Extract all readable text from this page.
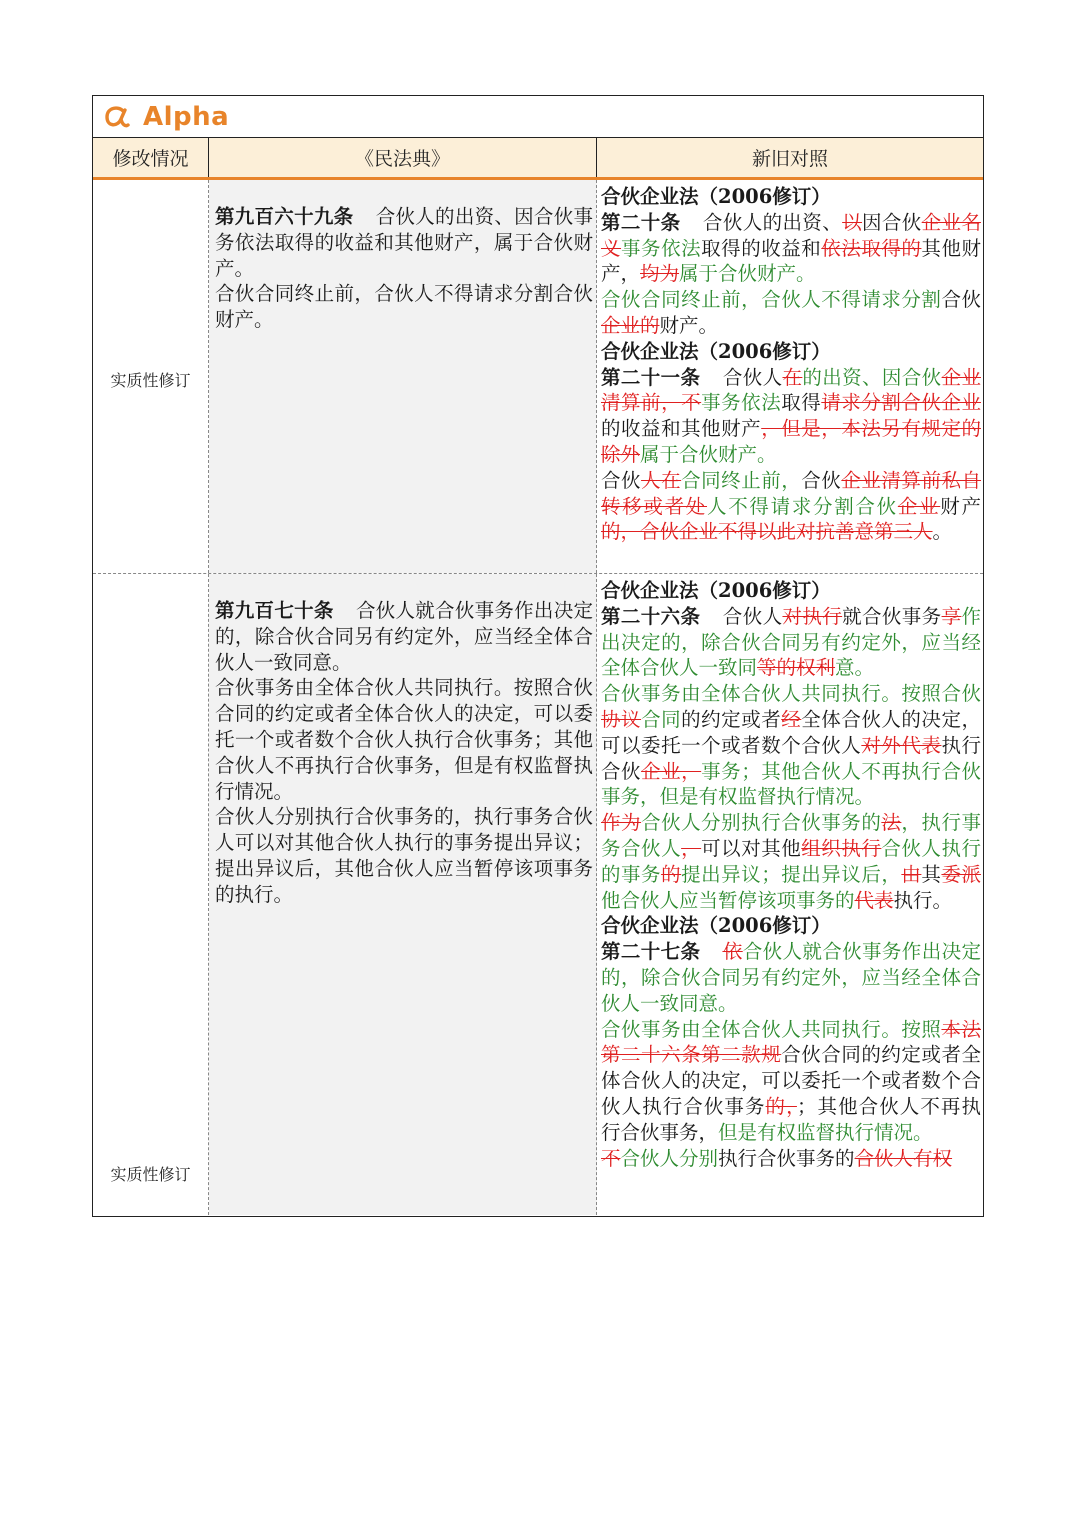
Alpha
修改情况	《民法典》	新旧对照
实质性修订

第九百六十九条 合伙人的出资、因合伙事务依法取得的收益和其他财产，属于合伙财产。

合伙合同终止前，合伙人不得请求分割合伙财产。

合伙企业法（2006修订）

第二十条 合伙人的出资、以因合伙企业名义事务依法取得的收益和依法取得的其他财产，均为属于合伙财产。

合伙合同终止前，合伙人不得请求分割合伙企业的财产。

合伙企业法（2006修订）

第二十一条 合伙人在的出资、因合伙企业清算前，不事务依法取得请求分割合伙企业的收益和其他财产，但是，本法另有规定的除外属于合伙财产。

合伙人在合同终止前，合伙企业清算前私自转移或者处人不得请求分割合伙企业财产的，合伙企业不得以此对抗善意第三人。

实质性修订

第九百七十条 合伙人就合伙事务作出决定的，除合伙合同另有约定外，应当经全体合伙人一致同意。

合伙事务由全体合伙人共同执行。按照合伙合同的约定或者全体合伙人的决定，可以委托一个或者数个合伙人执行合伙事务；其他合伙人不再执行合伙事务，但是有权监督执行情况。

合伙人分别执行合伙事务的，执行事务合伙人可以对其他合伙人执行的事务提出异议；提出异议后，其他合伙人应当暂停该项事务的执行。

合伙企业法（2006修订）

第二十六条 合伙人对执行就合伙事务享作出决定的，除合伙合同另有约定外，应当经全体合伙人一致同等的权利意。

合伙事务由全体合伙人共同执行。按照合伙协议合同的约定或者经全体合伙人的决定，可以委托一个或者数个合伙人对外代表执行合伙企业，事务；其他合伙人不再执行合伙事务，但是有权监督执行情况。

作为合伙人分别执行合伙事务的法，执行事务合伙人，可以对其他组织执行合伙人执行的事务的提出异议；提出异议后，由其委派他合伙人应当暂停该项事务的代表执行。

合伙企业法（2006修订）

第二十七条 依合伙人就合伙事务作出决定的，除合伙合同另有约定外，应当经全体合伙人一致同意。

合伙事务由全体合伙人共同执行。按照本法第二十六条第二款规合伙合同的约定或者全体合伙人的决定，可以委托一个或者数个合伙人执行合伙事务的，；其他合伙人不再执行合伙事务，但是有权监督执行情况。

不合伙人分别执行合伙事务的合伙人有权
